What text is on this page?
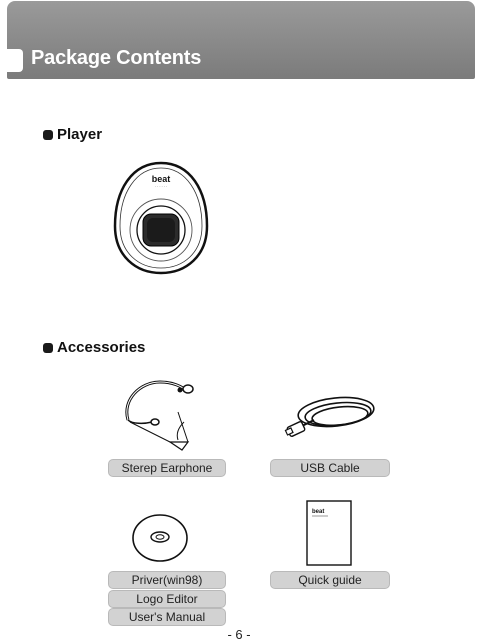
Package Contents
Player
beat
· · · · · ·
Accessories
Sterep Earphone	USB Cable
beat
Priver(win98)
Logo Editor
User's Manual
Quick guide
- 6 -
